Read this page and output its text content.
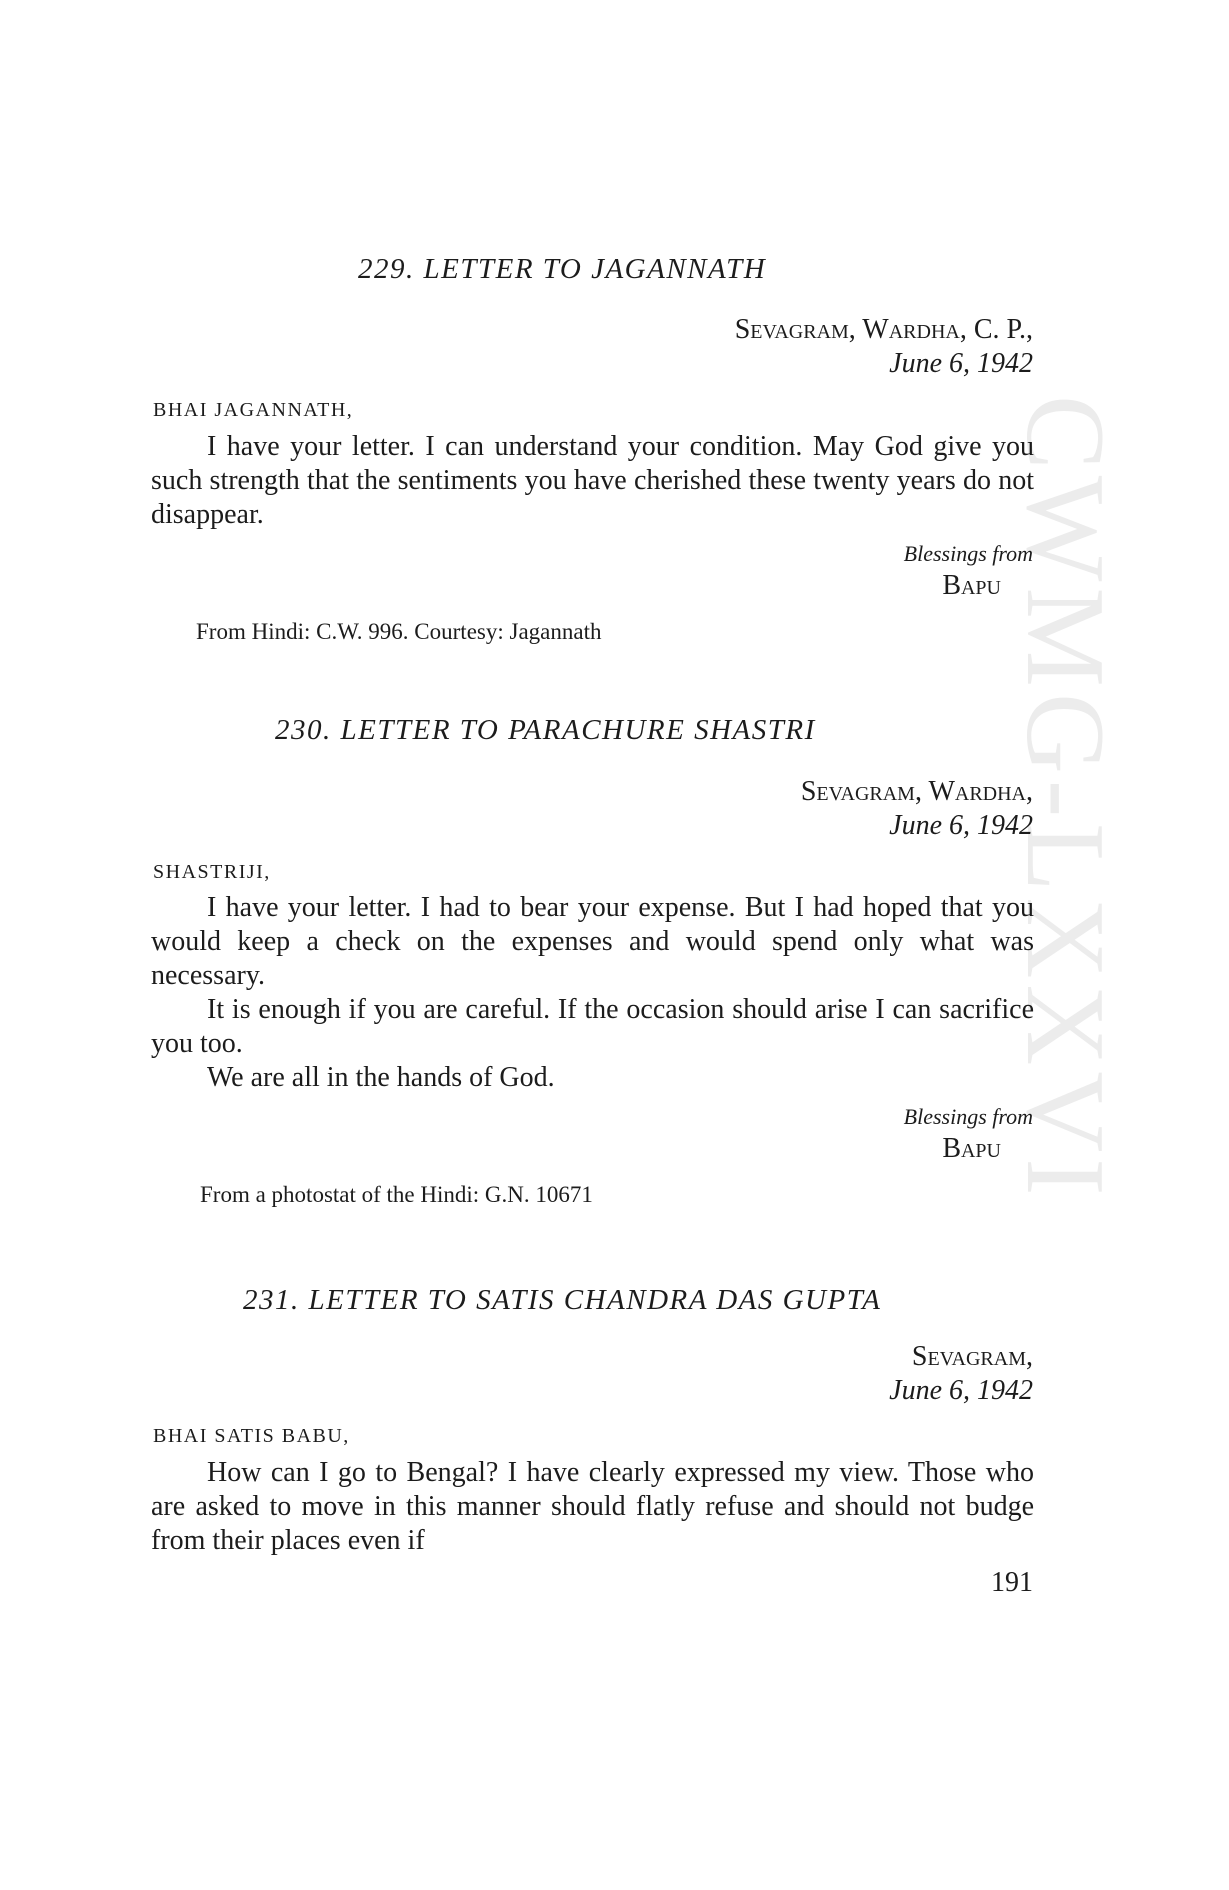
CWMG-LXXVI
229. LETTER TO JAGANNATH
Sevagram, Wardha, C. P.,
June 6, 1942
BHAI JAGANNATH,
I have your letter. I can understand your condition. May God give you such strength that the sentiments you have cherished these twenty years do not disappear.
Blessings from
Bapu
From Hindi: C.W. 996. Courtesy: Jagannath
230. LETTER TO PARACHURE SHASTRI
Sevagram, Wardha,
June 6, 1942
SHASTRIJI,
I have your letter. I had to bear your expense. But I had hoped that you would keep a check on the expenses and would spend only what was necessary.
It is enough if you are careful. If the occasion should arise I can sacrifice you too.
We are all in the hands of God.
Blessings from
Bapu
From a photostat of the Hindi: G.N. 10671
231. LETTER TO SATIS CHANDRA DAS GUPTA
Sevagram,
June 6, 1942
BHAI SATIS BABU,
How can I go to Bengal? I have clearly expressed my view. Those who are asked to move in this manner should flatly refuse and should not budge from their places even if
191
